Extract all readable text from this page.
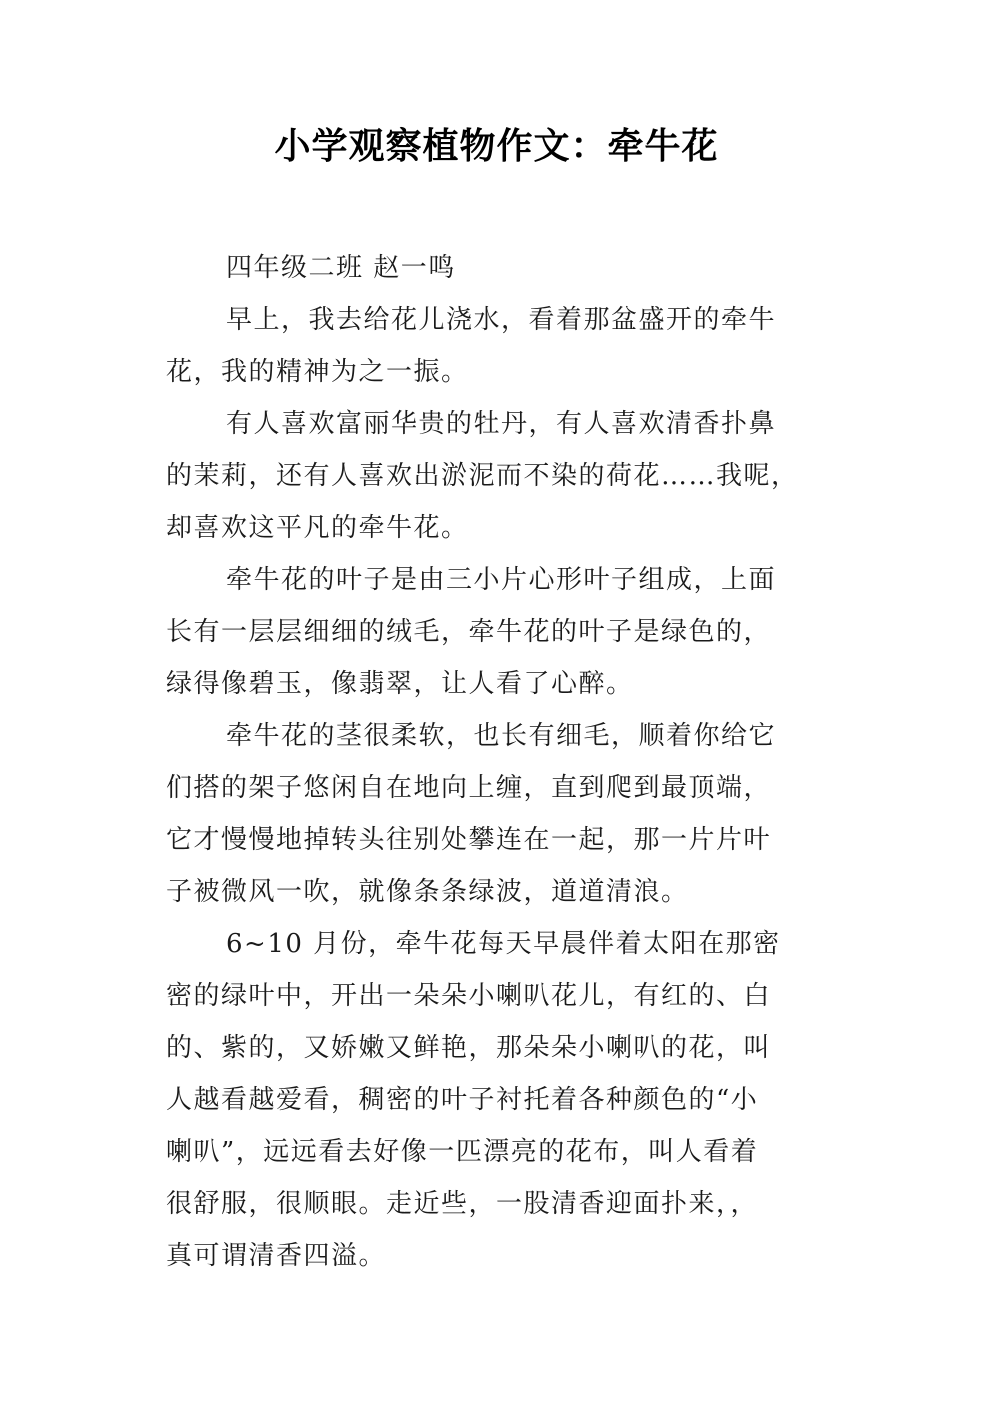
小学观察植物作文：牵牛花
四年级二班 赵一鸣
早上，我去给花儿浇水，看着那盆盛开的牵牛
花，我的精神为之一振。
有人喜欢富丽华贵的牡丹，有人喜欢清香扑鼻
的茉莉，还有人喜欢出淤泥而不染的荷花……我呢，
却喜欢这平凡的牵牛花。
牵牛花的叶子是由三小片心形叶子组成，上面
长有一层层细细的绒毛，牵牛花的叶子是绿色的，
绿得像碧玉，像翡翠，让人看了心醉。
牵牛花的茎很柔软，也长有细毛，顺着你给它
们搭的架子悠闲自在地向上缠，直到爬到最顶端，
它才慢慢地掉转头往别处攀连在一起，那一片片叶
子被微风一吹，就像条条绿波，道道清浪。
6~10 月份，牵牛花每天早晨伴着太阳在那密
密的绿叶中，开出一朵朵小喇叭花儿，有红的、白
的、紫的，又娇嫩又鲜艳，那朵朵小喇叭的花，叫
人越看越爱看，稠密的叶子衬托着各种颜色的“小
喇叭”，远远看去好像一匹漂亮的花布，叫人看着
很舒服，很顺眼。走近些，一股清香迎面扑来，，
真可谓清香四溢。
